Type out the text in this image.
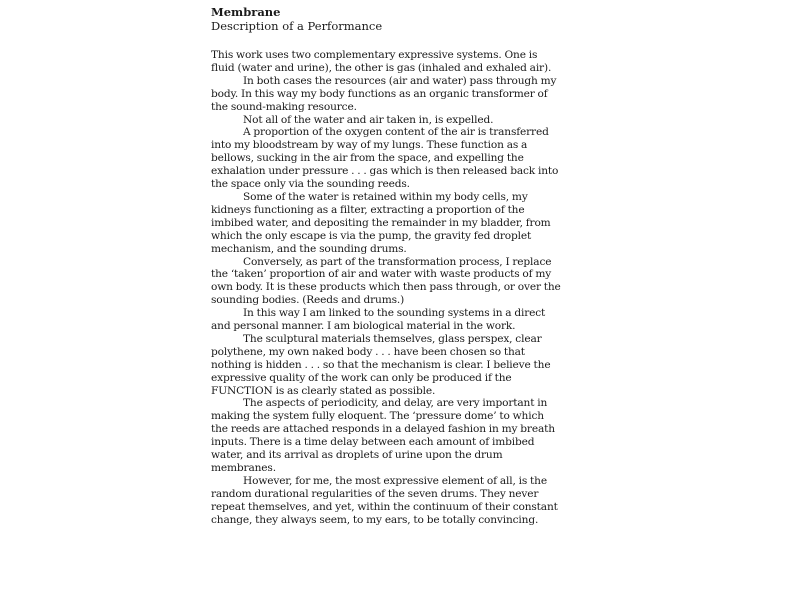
Membrane
Description of a Performance

This work uses two complementary expressive systems. One is fluid (water and urine), the other is gas (inhaled and exhaled air).

In both cases the resources (air and water) pass through my body. In this way my body functions as an organic transformer of the sound-making resource.

Not all of the water and air taken in, is expelled.

A proportion of the oxygen content of the air is transferred into my bloodstream by way of my lungs. These function as a bellows, sucking in the air from the space, and expelling the exhalation under pressure . . . gas which is then released back into the space only via the sounding reeds.

Some of the water is retained within my body cells, my kidneys functioning as a filter, extracting a proportion of the imbibed water, and depositing the remainder in my bladder, from which the only escape is via the pump, the gravity fed droplet mechanism, and the sounding drums.

Conversely, as part of the transformation process, I replace the ‘taken’ proportion of air and water with waste products of my own body. It is these products which then pass through, or over the sounding bodies. (Reeds and drums.)

In this way I am linked to the sounding systems in a direct and personal manner. I am biological material in the work.

The sculptural materials themselves, glass perspex, clear polythene, my own naked body . . . have been chosen so that nothing is hidden . . . so that the mechanism is clear. I believe the expressive quality of the work can only be produced if the FUNCTION is as clearly stated as possible.

The aspects of periodicity, and delay, are very important in making the system fully eloquent. The ‘pressure dome’ to which the reeds are attached responds in a delayed fashion in my breath inputs. There is a time delay between each amount of imbibed water, and its arrival as droplets of urine upon the drum membranes.

However, for me, the most expressive element of all, is the random durational regularities of the seven drums. They never repeat themselves, and yet, within the continuum of their constant change, they always seem, to my ears, to be totally convincing.
